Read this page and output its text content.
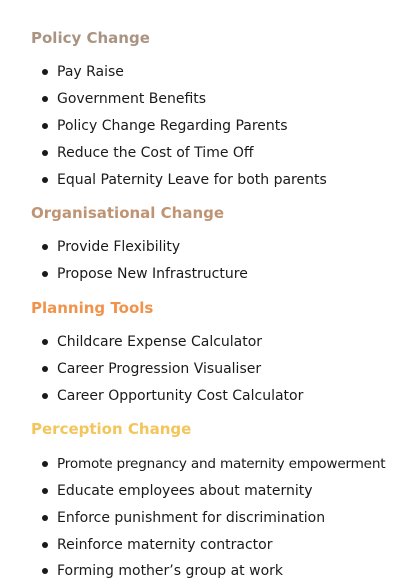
Policy Change
Pay Raise
Government Benefits
Policy Change Regarding Parents
Reduce the Cost of Time Off
Equal Paternity Leave for both parents
Organisational Change
Provide Flexibility
Propose New Infrastructure
Planning Tools
Childcare Expense Calculator
Career Progression Visualiser
Career Opportunity Cost Calculator
Perception Change
Promote pregnancy and maternity empowerment
Educate employees about maternity
Enforce punishment for discrimination
Reinforce maternity contractor
Forming mother’s group at work
